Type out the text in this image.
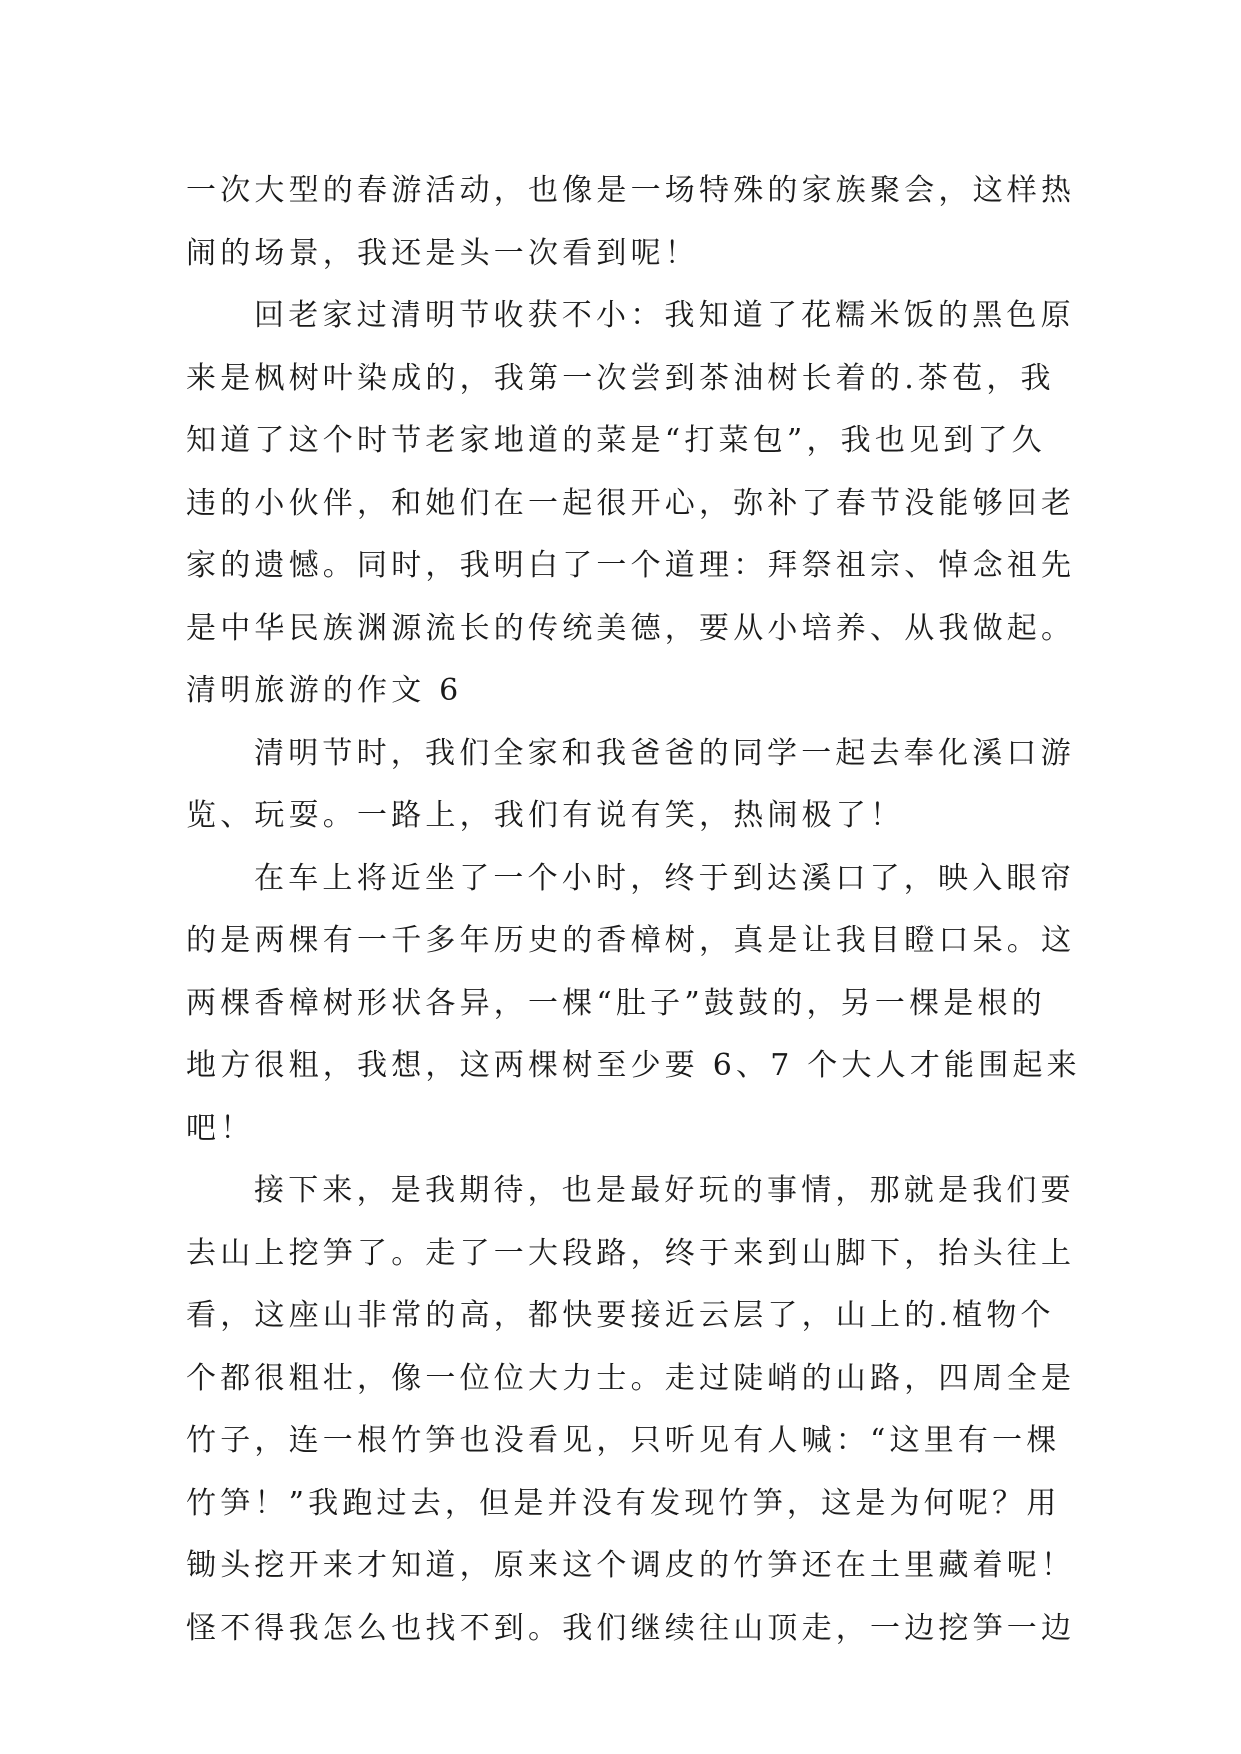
一次大型的春游活动，也像是一场特殊的家族聚会，这样热
闹的场景，我还是头一次看到呢！
回老家过清明节收获不小：我知道了花糯米饭的黑色原
来是枫树叶染成的，我第一次尝到茶油树长着的.茶苞，我
知道了这个时节老家地道的菜是“打菜包”，我也见到了久
违的小伙伴，和她们在一起很开心，弥补了春节没能够回老
家的遗憾。同时，我明白了一个道理：拜祭祖宗、悼念祖先
是中华民族渊源流长的传统美德，要从小培养、从我做起。
清明旅游的作文 6
清明节时，我们全家和我爸爸的同学一起去奉化溪口游
览、玩耍。一路上，我们有说有笑，热闹极了！
在车上将近坐了一个小时，终于到达溪口了，映入眼帘
的是两棵有一千多年历史的香樟树，真是让我目瞪口呆。这
两棵香樟树形状各异，一棵“肚子”鼓鼓的，另一棵是根的
地方很粗，我想，这两棵树至少要 6、7 个大人才能围起来
吧！
接下来，是我期待，也是最好玩的事情，那就是我们要
去山上挖笋了。走了一大段路，终于来到山脚下，抬头往上
看，这座山非常的高，都快要接近云层了，山上的.植物个
个都很粗壮，像一位位大力士。走过陡峭的山路，四周全是
竹子，连一根竹笋也没看见，只听见有人喊：“这里有一棵
竹笋！”我跑过去，但是并没有发现竹笋，这是为何呢？用
锄头挖开来才知道，原来这个调皮的竹笋还在土里藏着呢！
怪不得我怎么也找不到。我们继续往山顶走，一边挖笋一边
